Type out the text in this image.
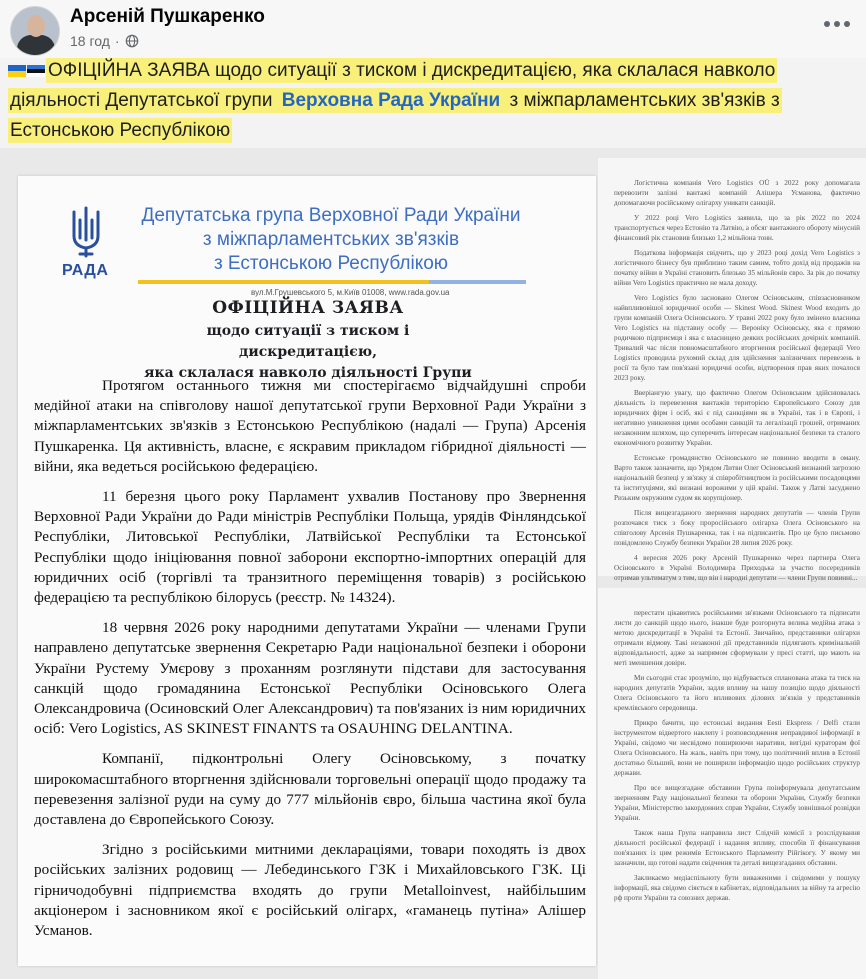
Арсеній Пушкаренко
18 год ·
ОФІЦІЙНА ЗАЯВА щодо ситуації з тиском і дискредитацією, яка склалася навколо діяльності Депутатської групи Верховна Рада України з міжпарламентських зв'язків з Естонською Республікою
РАДА
Депутатська група Верховної Ради України
з міжпарламентських зв'язків
з Естонською Республікою
вул.М.Грушевського 5, м.Київ 01008, www.rada.gov.ua
ОФІЦІЙНА ЗАЯВА
щодо ситуації з тиском і дискредитацією,
яка склалася навколо діяльності Групи

Протягом останнього тижня ми спостерігаємо відчайдушні спроби медійної атаки на співголову нашої депутатської групи Верховної Ради України з міжпарламентських зв'язків з Естонською Республікою (надалі — Група) Арсенія Пушкаренка. Ця активність, власне, є яскравим прикладом гібридної діяльності — війни, яка ведеться російською федерацією.

11 березня цього року Парламент ухвалив Постанову про Звернення Верховної Ради України до Ради міністрів Республіки Польща, урядів Фінляндської Республіки, Литовської Республіки, Латвійської Республіки та Естонської Республіки щодо ініціювання повної заборони експортно-імпортних операцій для юридичних осіб (торгівлі та транзитного переміщення товарів) з російською федерацією та республікою білорусь (реєстр. № 14324).

18 червня 2026 року народними депутатами України — членами Групи направлено депутатське звернення Секретарю Ради національної безпеки і оборони України Рустему Умєрову з проханням розглянути підстави для застосування санкцій щодо громадянина Естонської Республіки Осіновського Олега Олександровича (Осиновский Олег Александрович) та пов'язаних із ним юридичних осіб: Vero Logistics, AS SKINEST FINANTS та OSAUHING DELANTINA.

Компанії, підконтрольні Олегу Осіновському, з початку широкомасштабного вторгнення здійснювали торговельні операції щодо продажу та перевезення залізної руди на суму до 777 мільйонів євро, більша частина якої була доставлена до Європейського Союзу.

Згідно з російськими митними деклараціями, товари походять із двох російських залізних родовищ — Лебединського ГЗК і Михайловського ГЗК. Ці гірничодобувні підприємства входять до групи Metalloinvest, найбільшим акціонером і засновником якої є російський олігарх, «гаманець путіна» Алішер Усманов.

Логістична компанія Vero Logistics OÜ з 2022 року допомагала перевозити залізні вантажі компаній Алішера Усманова, фактично допомагаючи російському олігарху уникати санкцій.

У 2022 році Vero Logistics заявила, що за рік 2022 по 2024 транспортується через Естонію та Латвію, а обсяг вантажного обороту мінусній фінансовий рік становив близько 1,2 мільйона тонн.

Податкова інформація свідчить, що у 2023 році дохід Vero Logistics з логістичного бізнесу був приблизно таким самим, тобто дохід від продажів на початку війни в Україні становить близько 35 мільйонів євро. За рік до початку війни Vero Logistics практично не мала доходу.

Vero Logistics було засновано Олегом Осіновським, співзасновником найвпливовішої юридичної особи — Skinest Wood. Skinest Wood входить до групи компаній Олега Осіновського. У травні 2022 року було змінено власника Vero Logistics на підставну особу — Вероніку Осіновську, яка є прямою родичкою підприємця і яка є власницею деяких російських дочірніх компаній. Тривалий час після повномасштабного вторгнення російської федерації Vero Logistics проводила рухомий склад для здійснення залізничних перевезень в росії та було там пов'язані юридичні особи, відтворення прав яких почалося 2023 року.

Вверіангую увагу, що фактично Олегом Осіновським здійснювалась діяльність із перевезення вантажів територією Європейського Союзу для юридичних фірм і осіб, які є під санкціями як в Україні, так і в Європі, і негативно уникнення цими особами санкцій та легалізації грошей, отриманих незаконним шляхом, що суперечить інтересам національної безпеки та сталого економічного розвитку України.

Естонське громадянство Осіновського не повинно вводити в оману. Варто також зазначити, що Урядом Литви Олег Осіновський визнаний загрозою національній безпеці у зв'язку зі співробітництвом із російськими посадовцями та інституціями, які визнані ворожими у цій країні. Також у Латві засуджено Ризьким окружним судом як корупціонер.

Після вищезгаданого звернення народних депутатів — членів Групи розпочався тиск з боку проросійського олігарха Олега Осіновського на співголову Арсенія Пушкаренка, так і на підписантів. Про це було письмово повідомлено Службу безпеки України 28 липня 2026 року.

4 вересня 2026 року Арсеній Пушкаренко через партнера Олега Осіновського в Україні Володимира Приходька за участю посередників отримав ультиматум з тим, що він і народні депутати — члени Групи повинні...

перестати цікавитись російськими зв'язками Осіновського та підписати листи до санкцій щодо нього, інакше буде розгорнута велика медійна атака з метою дискредитації в Україні та Естонії. Звичайно, представники олігархи отримали відмову. Такі незаконні дії представників підлягають кримінальній відповідальності, адже за напрямом сформували у пресі статті, що мають на меті зменшення довіри.

Ми сьогодні стає зрозуміло, що відбувається спланована атака та тиск на народних депутатів України, задля впливу на нашу позицію щодо діяльності Олега Осіновського та його впливових ділових зв'язків у представників кремлівського середовища.

Прикро бачити, що естонські видання Eesti Ekspress / Delfi стали інструментом відвертого наклепу і розповсюдження неправдивої інформації в Україні, свідомо чи несвідомо поширюючи наративи, вигідні кураторам фої Олега Осіновського. На жаль, навіть при тому, що політичний вплив в Естонії достатньо більший, вони не поширили інформацію щодо російських структур держави.

Про все вищезгадане обставини Група поінформувала депутатським зверненням Раду національної безпеки та оборони України, Службу безпеки України, Міністерство закордонних справ України, Службу зовнішньої розвідки України.

Також наша Група направила лист Слідчій комісії з розслідування діяльності російської федерації і надання впливу, способів її фінансування пов'язаних із цим режимів Естонського Парламенту Рійгікогу. У якому ми зазначили, що готові надати свідчення та деталі вищезгаданих обставин.

Закликаємо медіаспільноту бути виваженими і свідомими у пошуку інформації, яка свідомо сіяється в кабінетах, відповідальних за війну та агресію рф проти України та союзних держав.
